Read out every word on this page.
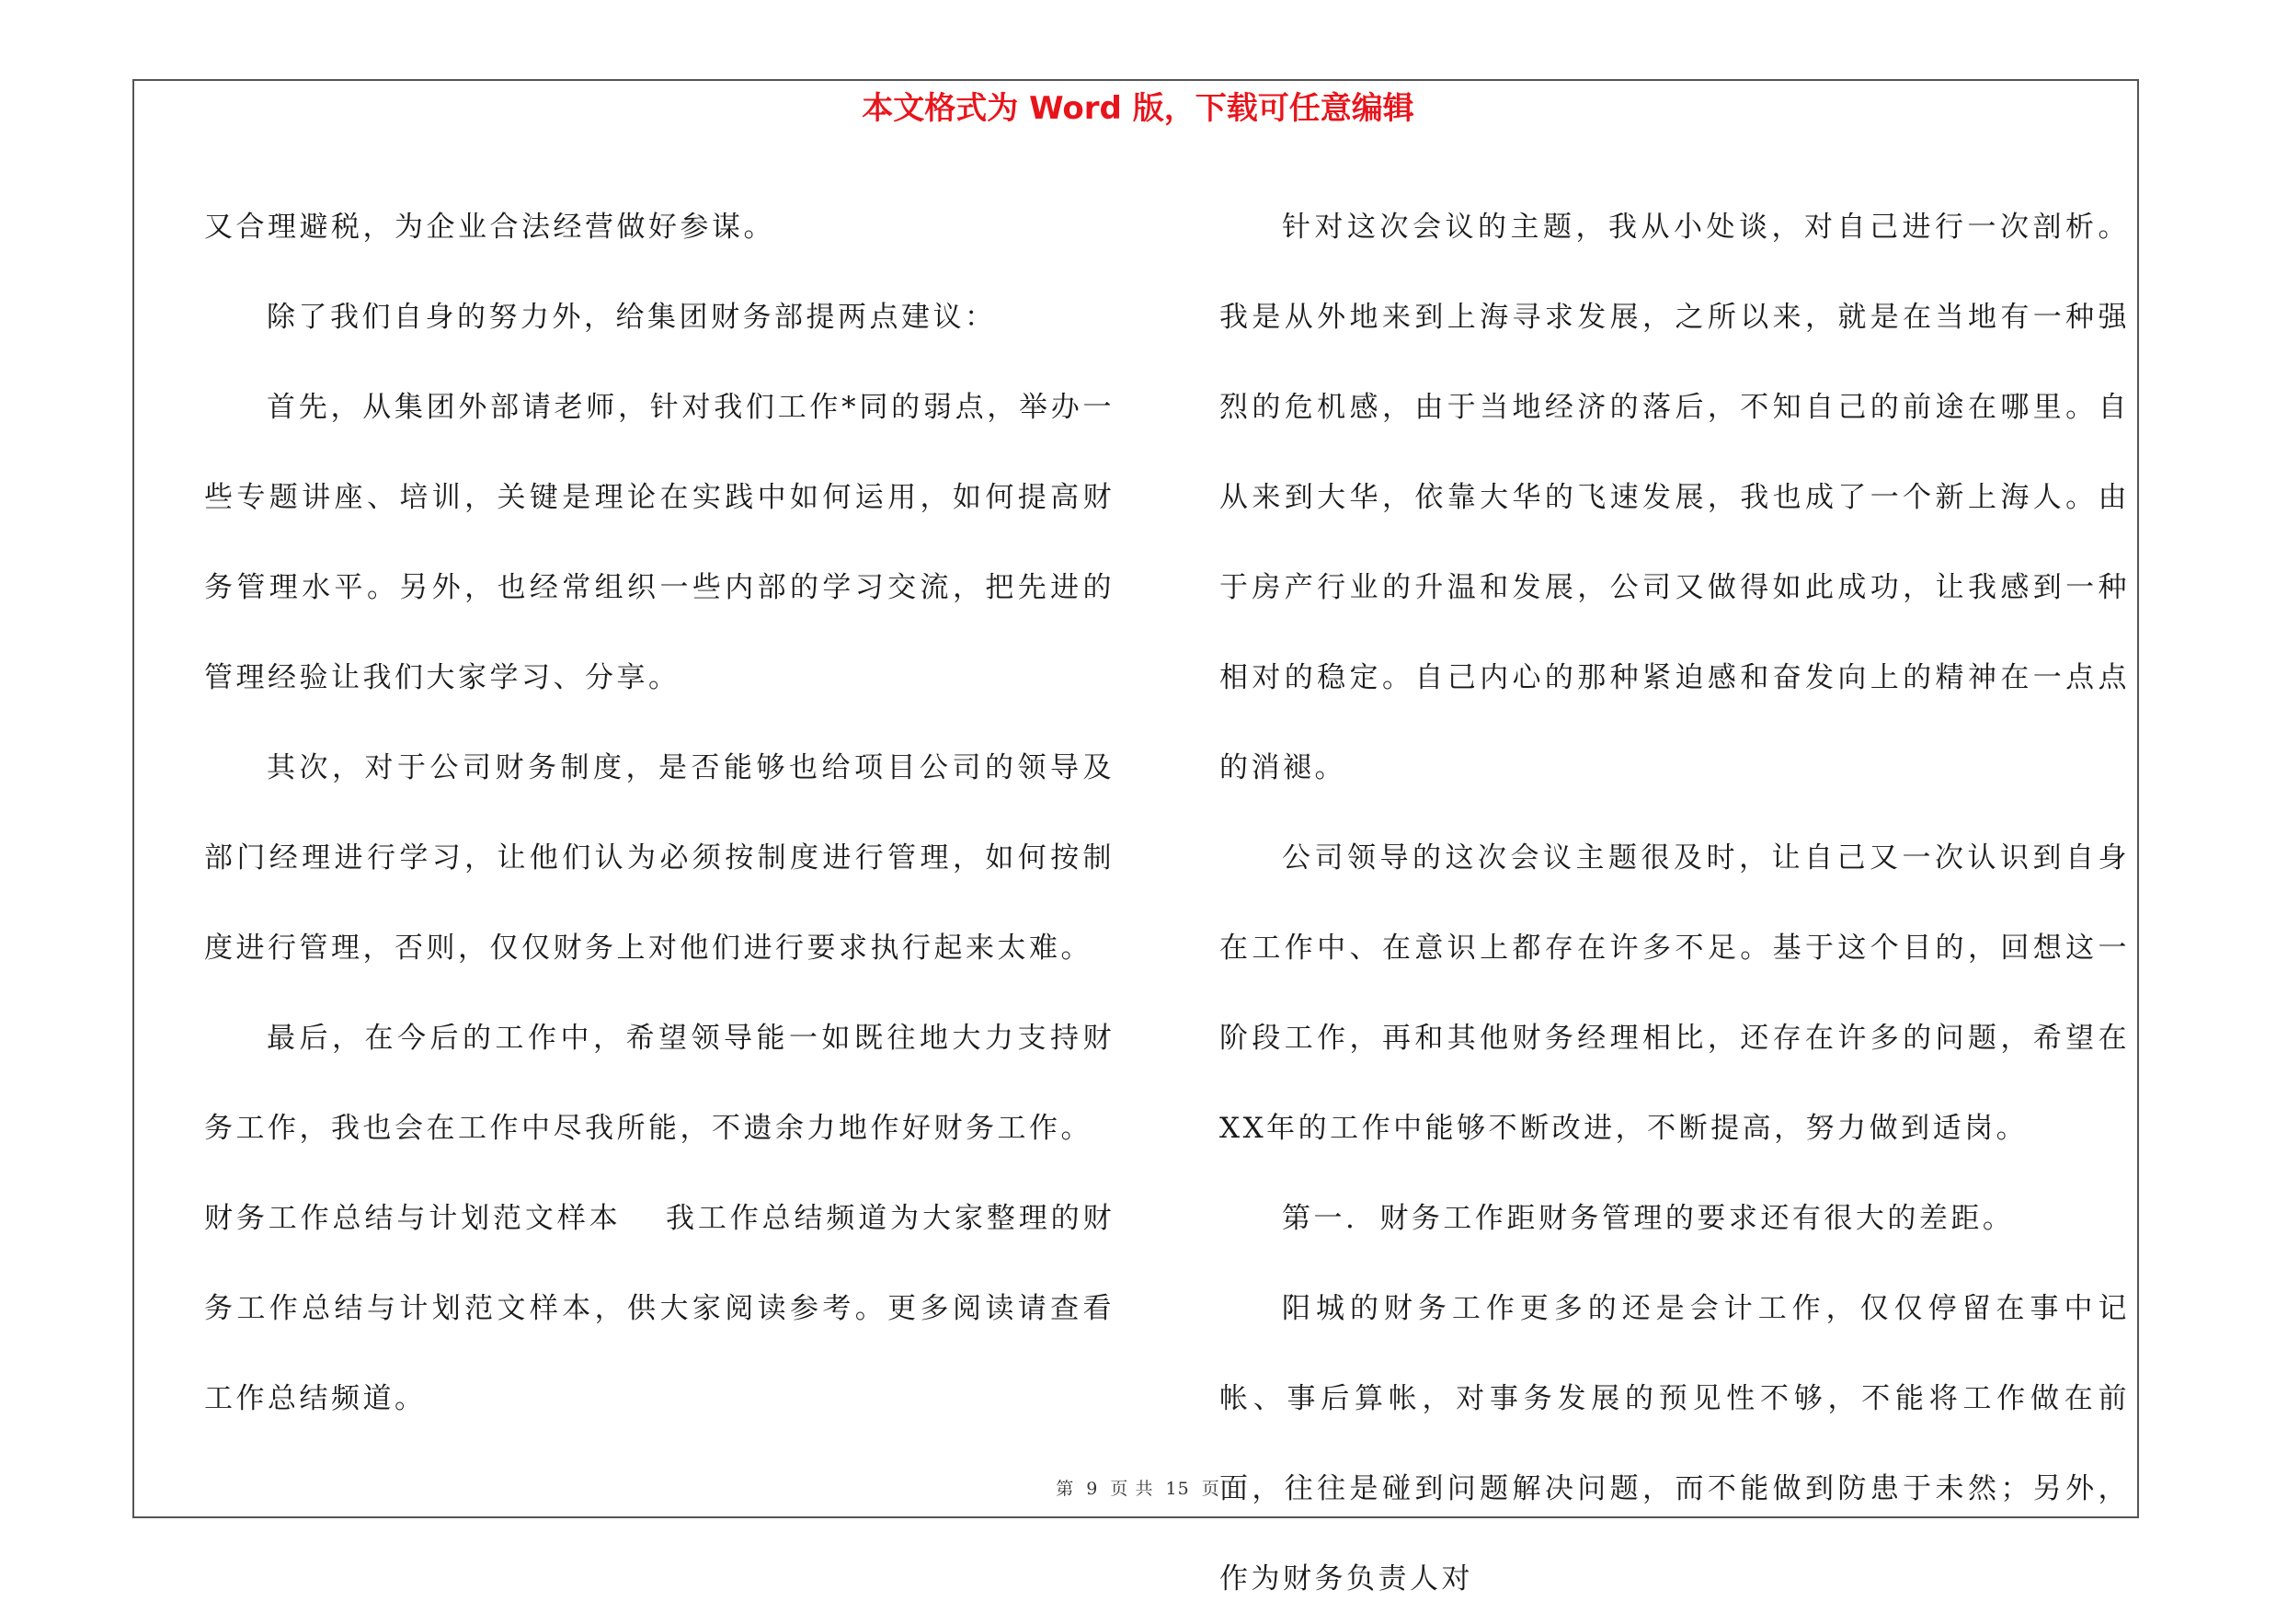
本文格式为 Word 版，下载可任意编辑

又合理避税，为企业合法经营做好参谋。

除了我们自身的努力外，给集团财务部提两点建议：

首先，从集团外部请老师，针对我们工作*同的弱点，举办一些专题讲座、培训，关键是理论在实践中如何运用，如何提高财务管理水平。另外，也经常组织一些内部的学习交流，把先进的管理经验让我们大家学习、分享。

其次，对于公司财务制度，是否能够也给项目公司的领导及部门经理进行学习，让他们认为必须按制度进行管理，如何按制度进行管理，否则，仅仅财务上对他们进行要求执行起来太难。

最后，在今后的工作中，希望领导能一如既往地大力支持财务工作，我也会在工作中尽我所能，不遗余力地作好财务工作。

财务工作总结与计划范文样本 我工作总结频道为大家整理的财务工作总结与计划范文样本，供大家阅读参考。更多阅读请查看工作总结频道。

针对这次会议的主题，我从小处谈，对自己进行一次剖析。我是从外地来到上海寻求发展，之所以来，就是在当地有一种强烈的危机感，由于当地经济的落后，不知自己的前途在哪里。自从来到大华，依靠大华的飞速发展，我也成了一个新上海人。由于房产行业的升温和发展，公司又做得如此成功，让我感到一种相对的稳定。自己内心的那种紧迫感和奋发向上的精神在一点点的消褪。

公司领导的这次会议主题很及时，让自己又一次认识到自身在工作中、在意识上都存在许多不足。基于这个目的，回想这一阶段工作，再和其他财务经理相比，还存在许多的问题，希望在XX年的工作中能够不断改进，不断提高，努力做到适岗。

第一. 财务工作距财务管理的要求还有很大的差距。

阳城的财务工作更多的还是会计工作，仅仅停留在事中记帐、事后算帐，对事务发展的预见性不够，不能将工作做在前面，往往是碰到问题解决问题，而不能做到防患于未然；另外，作为财务负责人对

第 9 页 共 15 页
